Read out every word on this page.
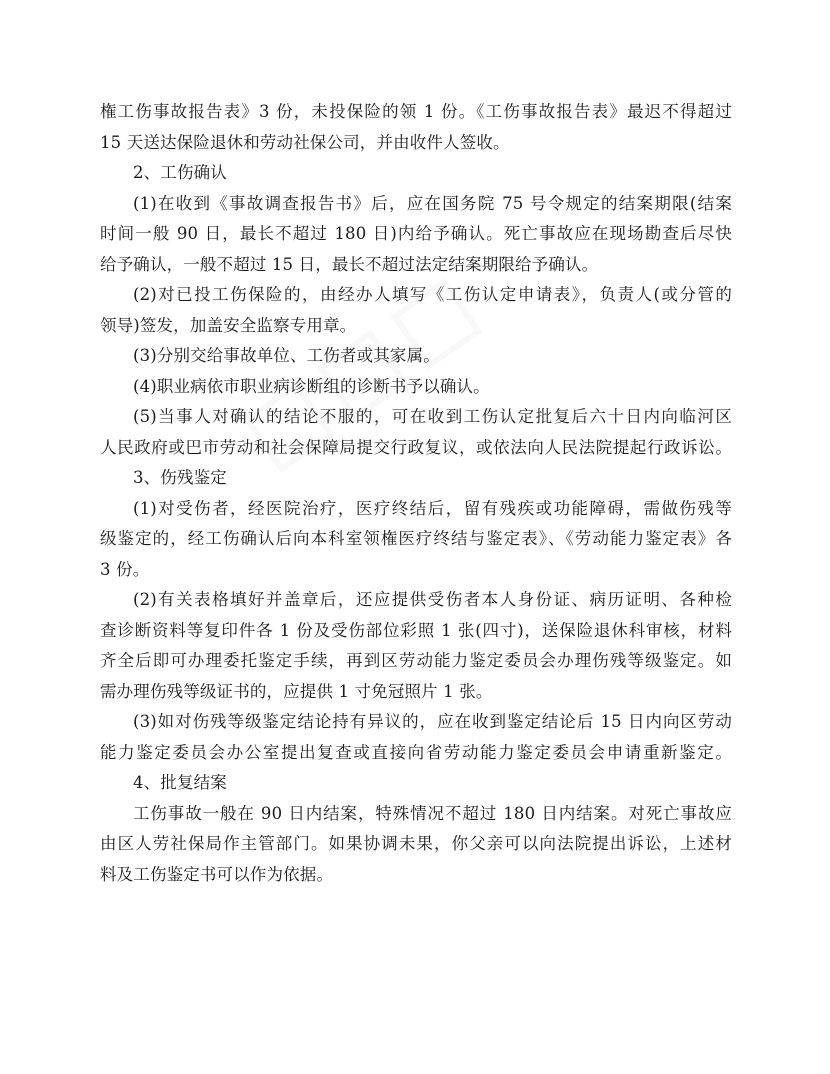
権工伤事故报告表》3 份，未投保险的领 1 份。《工伤事故报告表》最迟不得超过
15 天送达保险退休和劳动社保公司，并由收件人签收。
2、工伤确认
(1)在收到《事故调查报告书》后，应在国务院 75 号令规定的结案期限(结案
时间一般 90 日，最长不超过 180 日)内给予确认。死亡事故应在现场勘查后尽快
给予确认，一般不超过 15 日，最长不超过法定结案期限给予确认。
(2)对已投工伤保险的，由经办人填写《工伤认定申请表》，负责人(或分管的
领导)签发，加盖安全监察专用章。
(3)分别交给事故单位、工伤者或其家属。
(4)职业病依市职业病诊断组的诊断书予以确认。
(5)当事人对确认的结论不服的，可在收到工伤认定批复后六十日内向临河区
人民政府或巴市劳动和社会保障局提交行政复议，或依法向人民法院提起行政诉讼。
3、伤残鉴定
(1)对受伤者，经医院治疗，医疗终结后，留有残疾或功能障碍，需做伤残等
级鉴定的，经工伤确认后向本科室领権医疗终结与鉴定表》、《劳动能力鉴定表》各
3 份。
(2)有关表格填好并盖章后，还应提供受伤者本人身份证、病历证明、各种检
查诊断资料等复印件各 1 份及受伤部位彩照 1 张(四寸)，送保险退休科审核，材料
齐全后即可办理委托鉴定手续，再到区劳动能力鉴定委员会办理伤残等级鉴定。如
需办理伤残等级证书的，应提供 1 寸免冠照片 1 张。
(3)如对伤残等级鉴定结论持有异议的，应在收到鉴定结论后 15 日内向区劳动
能力鉴定委员会办公室提出复查或直接向省劳动能力鉴定委员会申请重新鉴定。
4、批复结案
工伤事故一般在 90 日内结案，特殊情况不超过 180 日内结案。对死亡事故应
由区人劳社保局作主管部门。如果协调未果，你父亲可以向法院提出诉讼，上述材
料及工伤鉴定书可以作为依据。
